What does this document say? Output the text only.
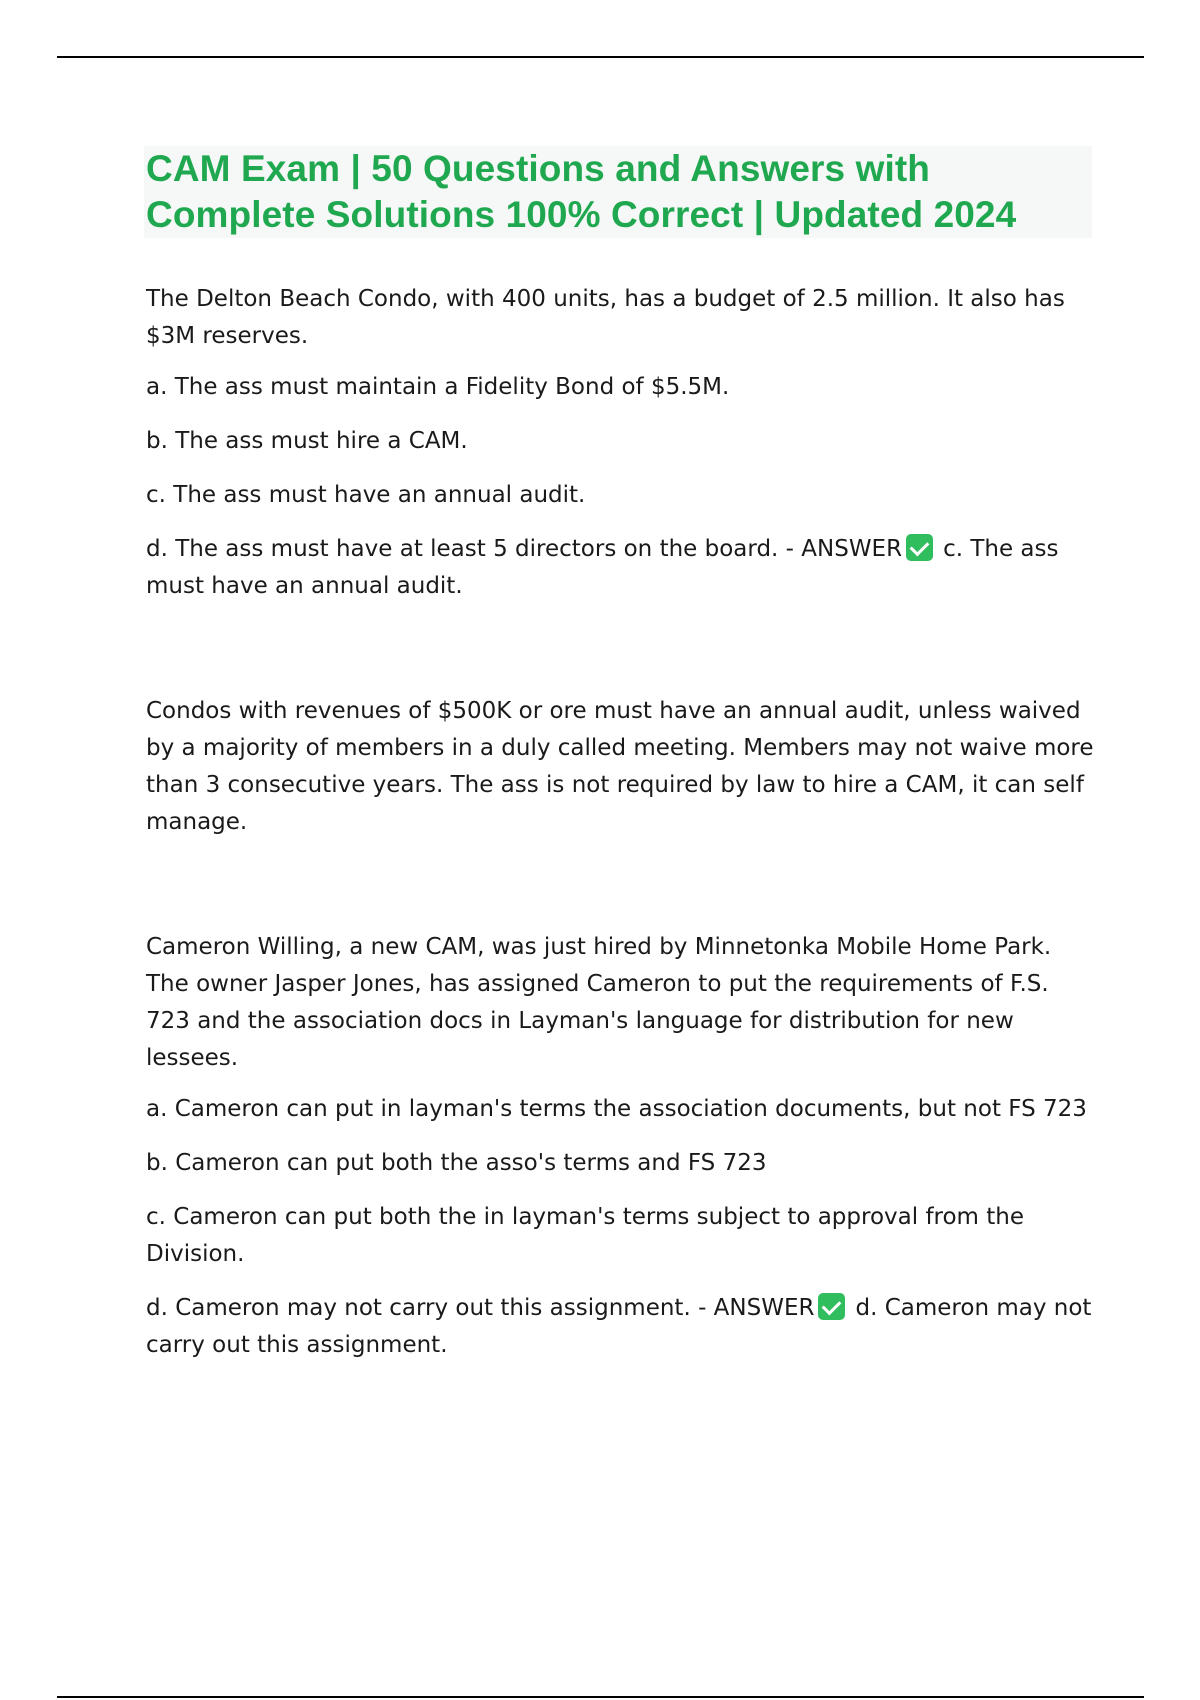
CAM Exam | 50 Questions and Answers with
Complete Solutions 100% Correct | Updated 2024

The Delton Beach Condo, with 400 units, has a budget of 2.5 million. It also has $3M reserves.

a. The ass must maintain a Fidelity Bond of $5.5M.

b. The ass must hire a CAM.

c. The ass must have an annual audit.

d. The ass must have at least 5 directors on the board. - ANSWER c. The ass must have an annual audit.

Condos with revenues of $500K or ore must have an annual audit, unless waived by a majority of members in a duly called meeting. Members may not waive more than 3 consecutive years. The ass is not required by law to hire a CAM, it can self manage.

Cameron Willing, a new CAM, was just hired by Minnetonka Mobile Home Park. The owner Jasper Jones, has assigned Cameron to put the requirements of F.S. 723 and the association docs in Layman's language for distribution for new lessees.

a. Cameron can put in layman's terms the association documents, but not FS 723

b. Cameron can put both the asso's terms and FS 723

c. Cameron can put both the in layman's terms subject to approval from the Division.

d. Cameron may not carry out this assignment. - ANSWER d. Cameron may not carry out this assignment.
